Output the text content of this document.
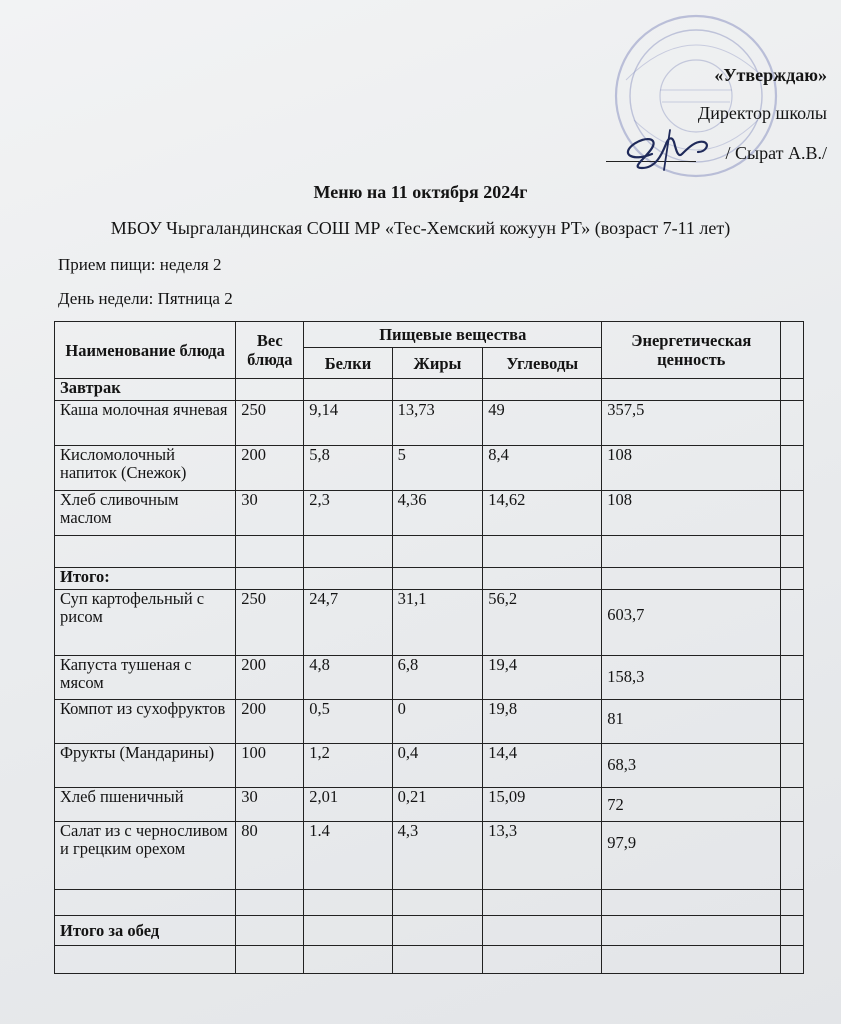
«Утверждаю»
Директор школы
/ Сырат А.В./
Меню на 11 октября 2024г
МБОУ Чыргаландинская СОШ МР «Тес-Хемский кожуун РТ» (возраст 7-11 лет)
Прием пищи: неделя 2
День недели: Пятница 2
Наименование блюда	Вес блюда	Пищевые вещества			Энергетическая ценность	
		Белки	Жиры	Углеводы		
Завтрак						
Каша молочная ячневая	250	9,14	13,73	49	357,5	
Кисломолочный напиток (Снежок)	200	5,8	5	8,4	108	
Хлеб сливочным маслом	30	2,3	4,36	14,62	108	

Итого:						
Суп картофельный с рисом	250	24,7	31,1	56,2	603,7	
Капуста тушеная с мясом	200	4,8	6,8	19,4	158,3	
Компот из сухофруктов	200	0,5	0	19,8	81	
Фрукты (Мандарины)	100	1,2	0,4	14,4	68,3	
Хлеб пшеничный	30	2,01	0,21	15,09	72	
Салат из с черносливом и грецким орехом	80	1.4	4,3	13,3	97,9	

Итого за обед						
